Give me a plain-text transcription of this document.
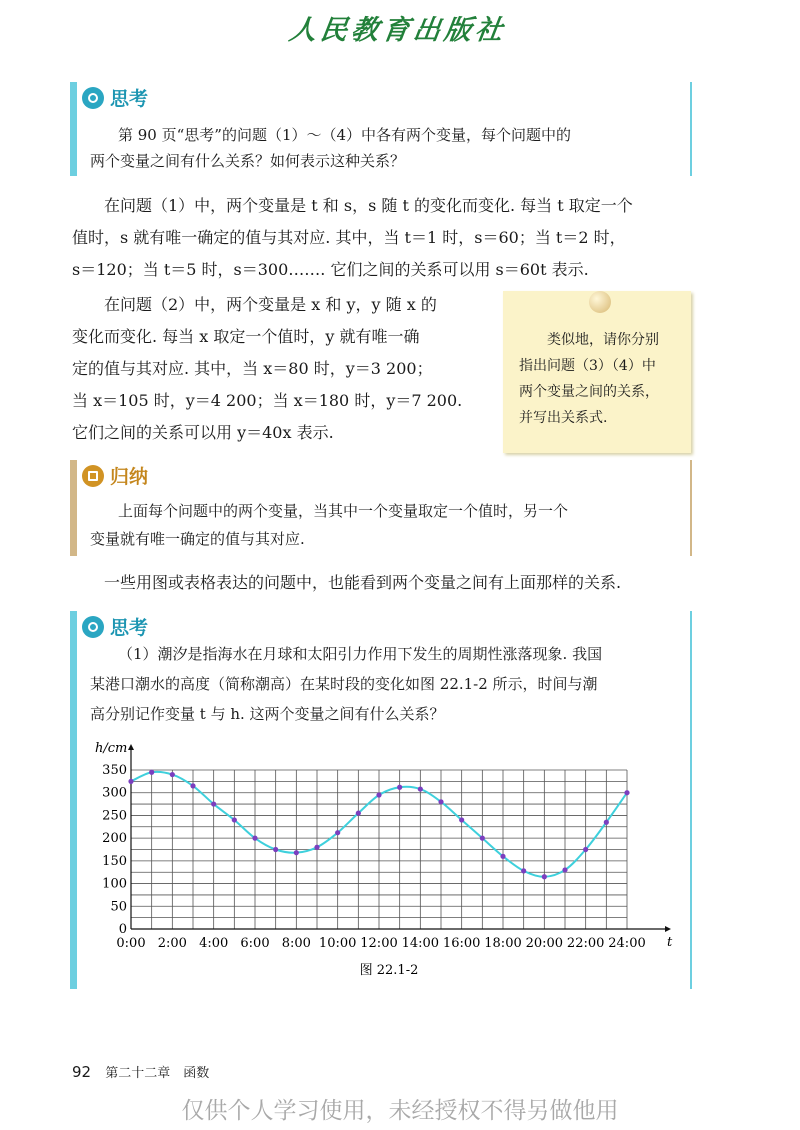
人民教育出版社
思考
第 90 页“思考”的问题（1）～（4）中各有两个变量，每个问题中的
两个变量之间有什么关系？如何表示这种关系？
在问题（1）中，两个变量是 t 和 s，s 随 t 的变化而变化. 每当 t 取定一个
值时，s 就有唯一确定的值与其对应. 其中，当 t＝1 时，s＝60；当 t＝2 时，
s＝120；当 t＝5 时，s＝300……. 它们之间的关系可以用 s＝60t 表示.
在问题（2）中，两个变量是 x 和 y，y 随 x 的
变化而变化. 每当 x 取定一个值时，y 就有唯一确
定的值与其对应. 其中，当 x＝80 时，y＝3 200；
当 x＝105 时，y＝4 200；当 x＝180 时，y＝7 200.
它们之间的关系可以用 y＝40x 表示.
类似地，请你分别
指出问题（3）（4）中
两个变量之间的关系，
并写出关系式.
归纳
上面每个问题中的两个变量，当其中一个变量取定一个值时，另一个
变量就有唯一确定的值与其对应.
一些用图或表格表达的问题中，也能看到两个变量之间有上面那样的关系.
思考
（1）潮汐是指海水在月球和太阳引力作用下发生的周期性涨落现象. 我国
某港口潮水的高度（简称潮高）在某时段的变化如图 22.1-2 所示，时间与潮
高分别记作变量 t 与 h. 这两个变量之间有什么关系？
0
50
100
150
200
250
300
350
0:00 2:00 4:00 6:00 8:00 10:00 12:00 14:00 16:00 18:00 20:00 22:00 24:00
h/cm
t
图 22.1-2
92 第二十二章　函数
仅供个人学习使用，未经授权不得另做他用
